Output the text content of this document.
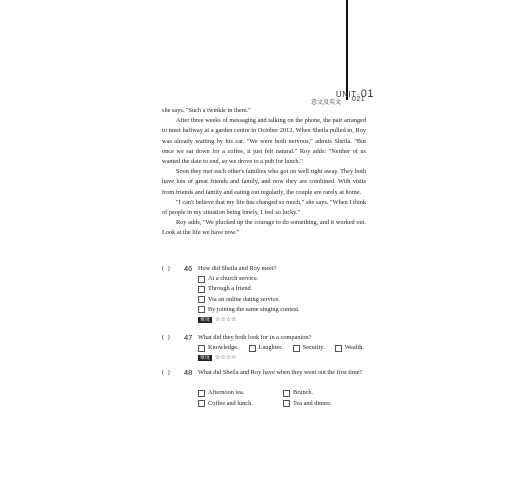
UNIT·01
意文及英文 021

she says. "Such a twinkle in them."

After three weeks of messaging and talking on the phone, the pair arranged to meet halfway at a garden centre in October 2012. When Sheila pulled in, Roy was already waiting by his car. "We were both nervous," admits Sheila. "But once we sat down for a coffee, it just felt natural." Roy adds: "Neither of us wanted the date to end, so we drove to a pub for lunch."

Soon they met each other's families who got on well right away. They both have lots of great friends and family, and now they are combined. With visits from friends and family and eating out regularly, the couple are rarely at home.

"I can't believe that my life has changed so much," she says. "When I think of people in my situation being lonely, I feel so lucky."

Roy adds, "We plucked up the courage to do something, and it worked out. Look at the life we have now."

( ) 46 How did Sheila and Roy meet?
At a church service.
Through a friend.
Via an online dating service.
By joining the same singing contest.
难度 ☆☆☆☆
( ) 47 What did they both look for in a companion?
Knowledge.	Laughter.	Security.	Wealth.
难度 ☆☆☆☆
( ) 48 What did Sheila and Roy have when they went out the first time?
Afternoon tea.	Brunch.
Coffee and lunch.	Tea and dinner.
